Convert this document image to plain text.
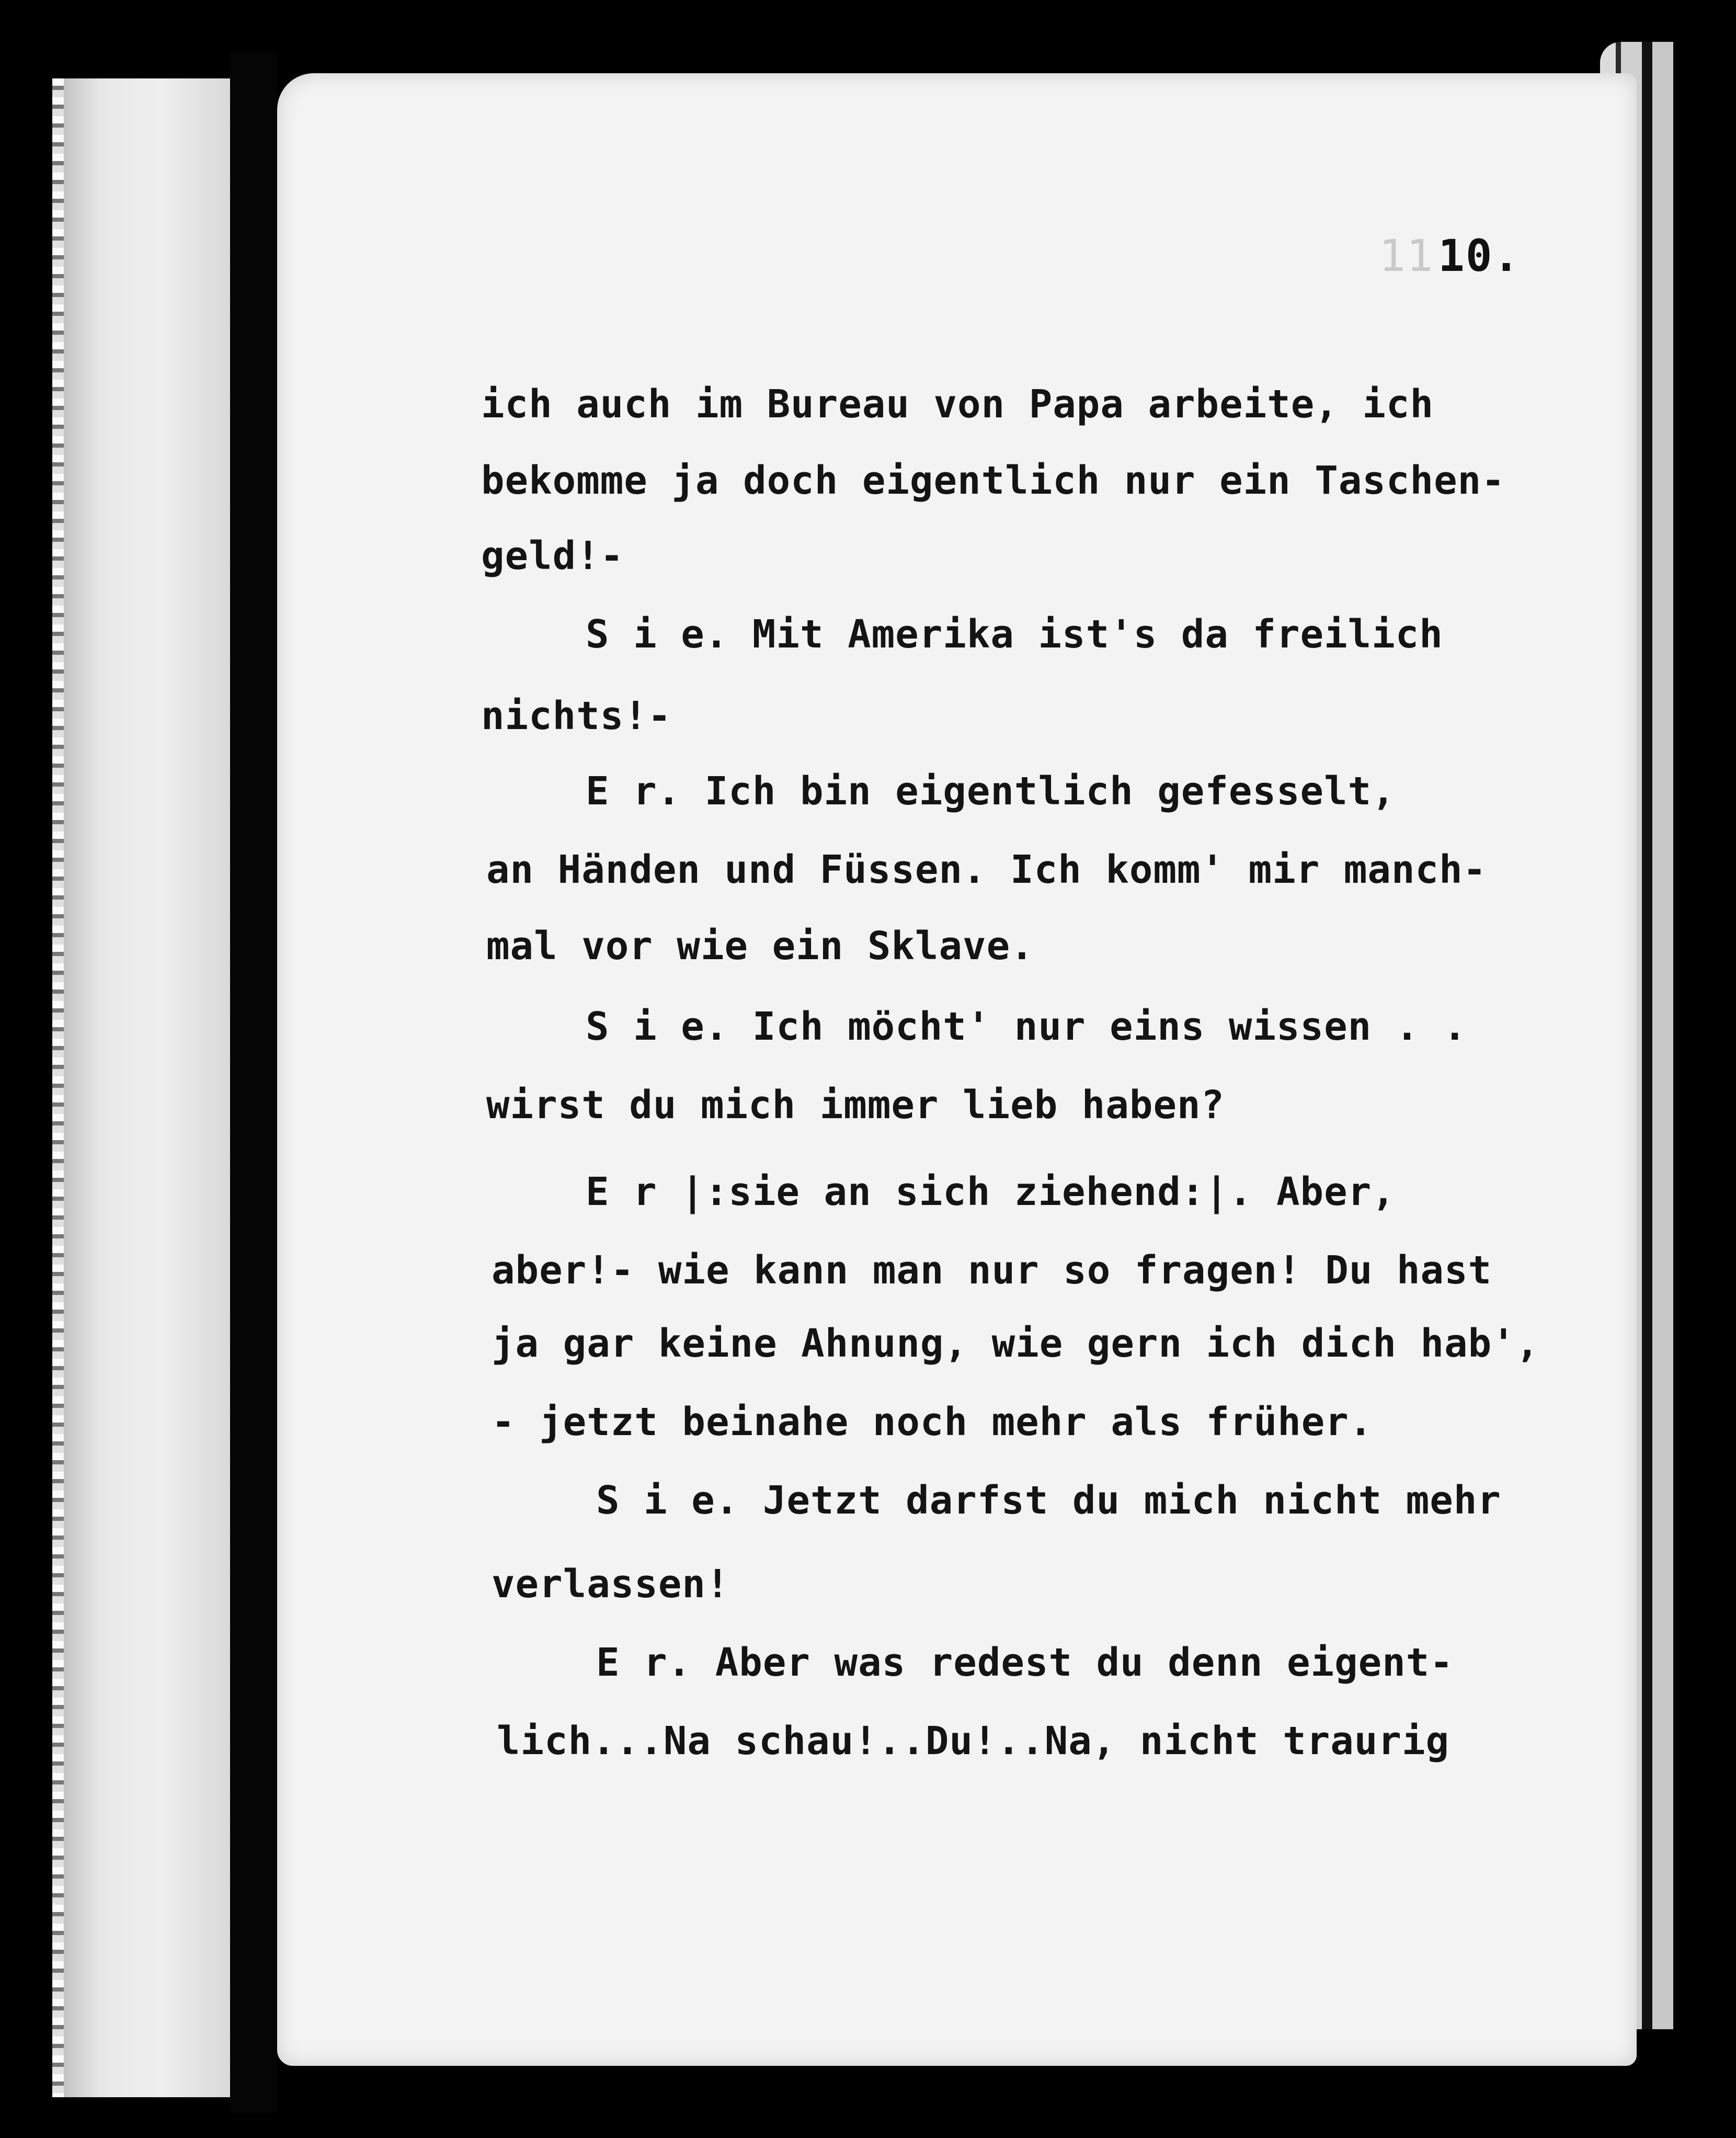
1110.
ich auch im Bureau von Papa arbeite, ich
bekomme ja doch eigentlich nur ein Taschen-
geld!-
S i e. Mit Amerika ist's da freilich
nichts!-
E r. Ich bin eigentlich gefesselt,
an Händen und Füssen. Ich komm' mir manch-
mal vor wie ein Sklave.
S i e. Ich möcht' nur eins wissen . .
wirst du mich immer lieb haben?
E r |:sie an sich ziehend:|. Aber,
aber!- wie kann man nur so fragen! Du hast
ja gar keine Ahnung, wie gern ich dich hab',
- jetzt beinahe noch mehr als früher.
S i e. Jetzt darfst du mich nicht mehr
verlassen!
E r. Aber was redest du denn eigent-
lich...Na schau!..Du!..Na, nicht traurig
